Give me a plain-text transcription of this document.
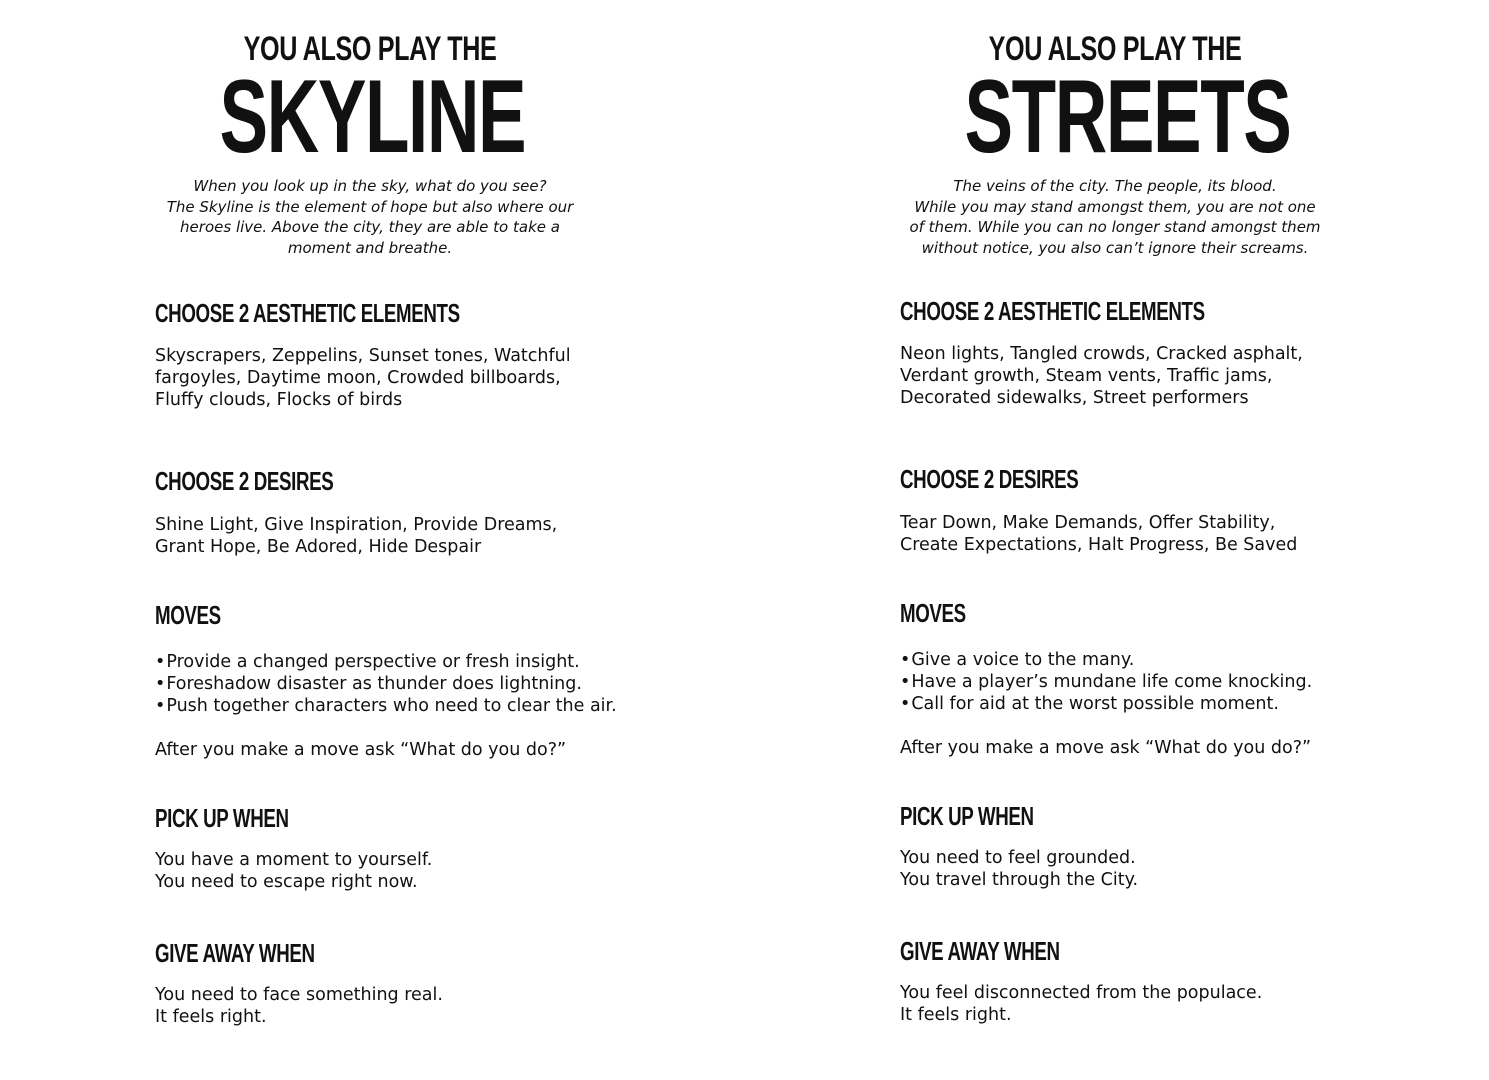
YOU ALSO PLAY THE
SKYLINE
When you look up in the sky, what do you see?
The Skyline is the element of hope but also where our
heroes live. Above the city, they are able to take a
moment and breathe.
CHOOSE 2 AESTHETIC ELEMENTS
Skyscrapers, Zeppelins, Sunset tones, Watchful
fargoyles, Daytime moon, Crowded billboards,
Fluffy clouds, Flocks of birds
CHOOSE 2 DESIRES
Shine Light, Give Inspiration, Provide Dreams,
Grant Hope, Be Adored, Hide Despair
MOVES
•Provide a changed perspective or fresh insight.
•Foreshadow disaster as thunder does lightning.
•Push together characters who need to clear the air.
After you make a move ask “What do you do?”
PICK UP WHEN
You have a moment to yourself.
You need to escape right now.
GIVE AWAY WHEN
You need to face something real.
It feels right.
YOU ALSO PLAY THE
STREETS
The veins of the city. The people, its blood.
While you may stand amongst them, you are not one
of them. While you can no longer stand amongst them
without notice, you also can’t ignore their screams.
CHOOSE 2 AESTHETIC ELEMENTS
Neon lights, Tangled crowds, Cracked asphalt,
Verdant growth, Steam vents, Traffic jams,
Decorated sidewalks, Street performers
CHOOSE 2 DESIRES
Tear Down, Make Demands, Offer Stability,
Create Expectations, Halt Progress, Be Saved
MOVES
•Give a voice to the many.
•Have a player’s mundane life come knocking.
•Call for aid at the worst possible moment.
After you make a move ask “What do you do?”
PICK UP WHEN
You need to feel grounded.
You travel through the City.
GIVE AWAY WHEN
You feel disconnected from the populace.
It feels right.
